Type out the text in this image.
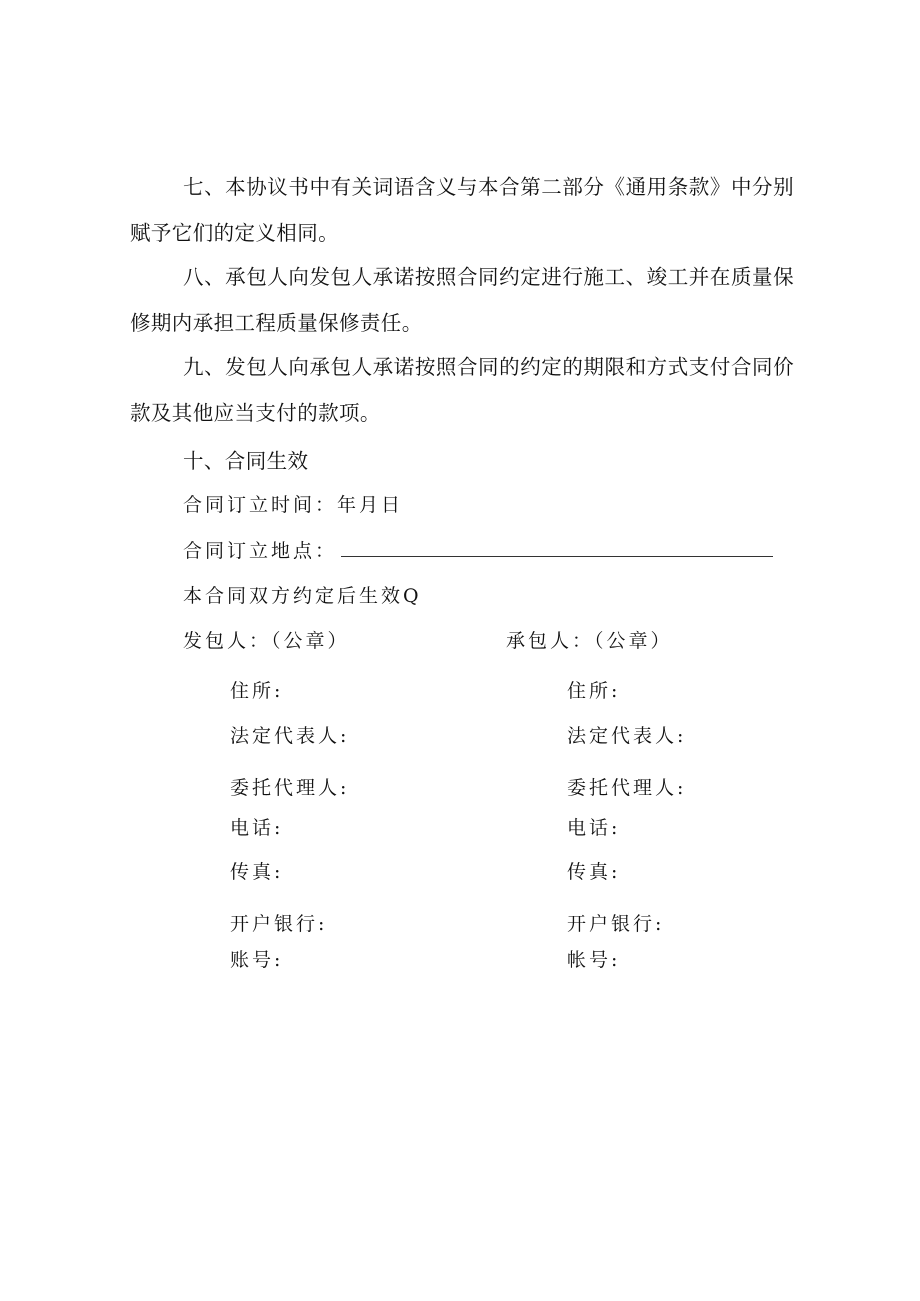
七、本协议书中有关词语含义与本合第二部分《通用条款》中分别赋予它们的定义相同。

八、承包人向发包人承诺按照合同约定进行施工、竣工并在质量保修期内承担工程质量保修责任。

九、发包人向承包人承诺按照合同的约定的期限和方式支付合同价款及其他应当支付的款项。

十、合同生效

合同订立时间：年月日

合同订立地点：

本合同双方约定后生效Q

发包人：（公章）

住所:

法定代表人:

委托代理人:

电话:

传真:

开户银行:

账号:

承包人：（公章）

住所:

法定代表人:

委托代理人:

电话:

传真:

开户银行:

帐号:
